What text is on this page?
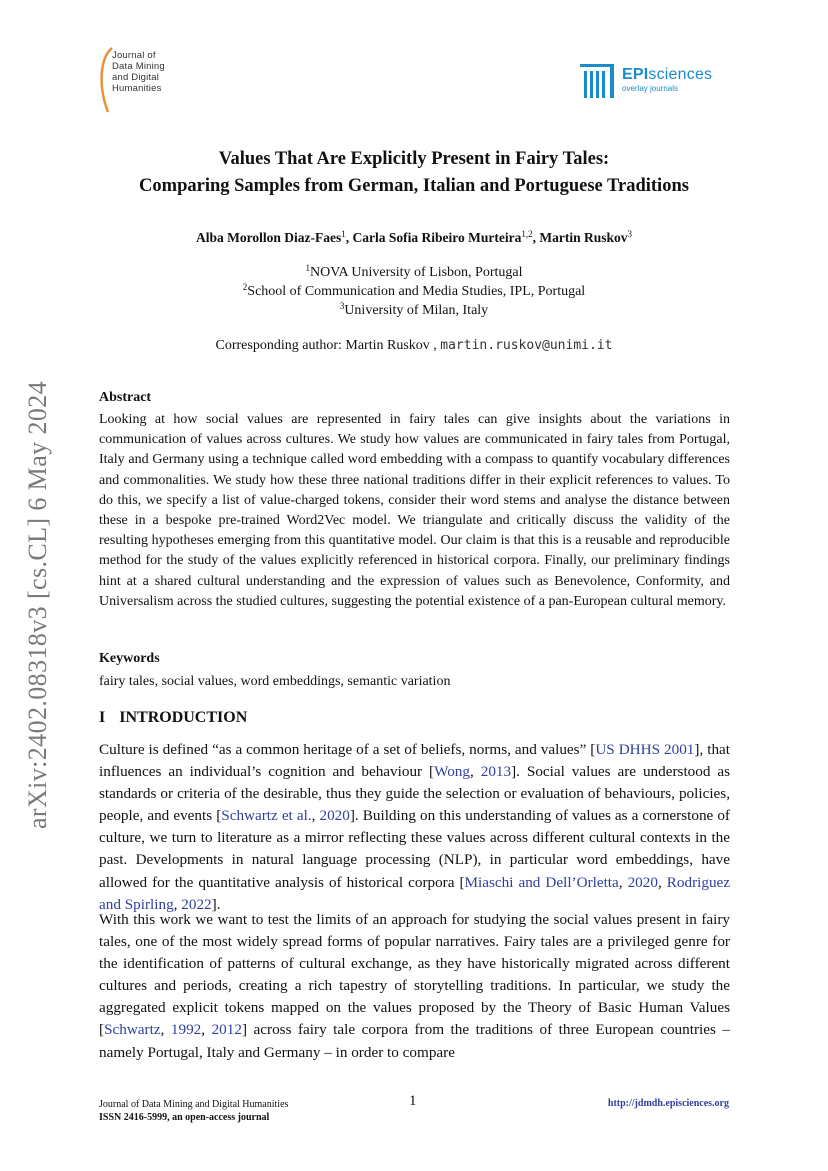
Journal of
Data Mining
and Digital
Humanities
EPIsciences
overlay journals
arXiv:2402.08318v3 [cs.CL] 6 May 2024
Values That Are Explicitly Present in Fairy Tales:
Comparing Samples from German, Italian and Portuguese Traditions
Alba Morollon Diaz-Faes$^1$, Carla Sofia Ribeiro Murteira$^{1,2}$, Martin Ruskov$^3$
$^1$NOVA University of Lisbon, Portugal
$^2$School of Communication and Media Studies, IPL, Portugal
$^3$University of Milan, Italy
Corresponding author: Martin Ruskov , martin.ruskov@unimi.it
Abstract
Looking at how social values are represented in fairy tales can give insights about the variations in communication of values across cultures. We study how values are communicated in fairy tales from Portugal, Italy and Germany using a technique called word embedding with a compass to quantify vocabulary differences and commonalities. We study how these three national traditions differ in their explicit references to values. To do this, we specify a list of value-charged tokens, consider their word stems and analyse the distance between these in a bespoke pre-trained Word2Vec model. We triangulate and critically discuss the validity of the resulting hypotheses emerging from this quantitative model. Our claim is that this is a reusable and reproducible method for the study of the values explicitly referenced in historical corpora. Finally, our preliminary findings hint at a shared cultural understanding and the expression of values such as Benevolence, Conformity, and Universalism across the studied cultures, suggesting the potential existence of a pan-European cultural memory.
Keywords
fairy tales, social values, word embeddings, semantic variation
I INTRODUCTION
Culture is defined “as a common heritage of a set of beliefs, norms, and values” [US DHHS 2001], that influences an individual’s cognition and behaviour [Wong, 2013]. Social values are understood as standards or criteria of the desirable, thus they guide the selection or evaluation of behaviours, policies, people, and events [Schwartz et al., 2020]. Building on this understanding of values as a cornerstone of culture, we turn to literature as a mirror reflecting these values across different cultural contexts in the past. Developments in natural language processing (NLP), in particular word embeddings, have allowed for the quantitative analysis of historical corpora [Miaschi and Dell’Orletta, 2020, Rodriguez and Spirling, 2022].
With this work we want to test the limits of an approach for studying the social values present in fairy tales, one of the most widely spread forms of popular narratives. Fairy tales are a privileged genre for the identification of patterns of cultural exchange, as they have historically migrated across different cultures and periods, creating a rich tapestry of storytelling traditions. In particular, we study the aggregated explicit tokens mapped on the values proposed by the Theory of Basic Human Values [Schwartz, 1992, 2012] across fairy tale corpora from the traditions of three European countries – namely Portugal, Italy and Germany – in order to compare
Journal of Data Mining and Digital Humanities
ISSN 2416-5999, an open-access journal
1	http://jdmdh.episciences.org
